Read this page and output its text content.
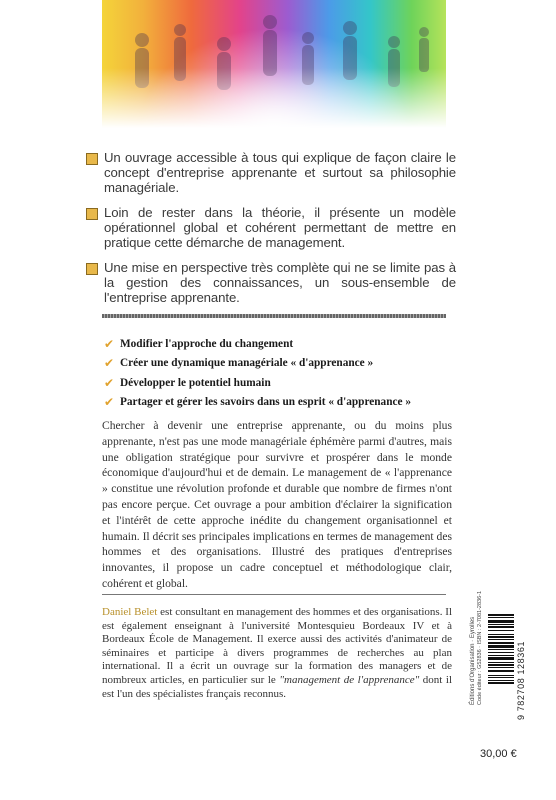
Un ouvrage accessible à tous qui explique de façon claire le concept d'entreprise apprenante et surtout sa philosophie managériale.
Loin de rester dans la théorie, il présente un modèle opérationnel global et cohérent permettant de mettre en pratique cette démarche de management.
Une mise en perspective très complète qui ne se limite pas à la gestion des connaissances, un sous-ensemble de l'entreprise apprenante.
✔ Modifier l'approche du changement
✔ Créer une dynamique managériale « d'apprenance »
✔ Développer le potentiel humain
✔ Partager et gérer les savoirs dans un esprit « d'apprenance »

Chercher à devenir une entreprise apprenante, ou du moins plus apprenante, n'est pas une mode managériale éphémère parmi d'autres, mais une obligation stratégique pour survivre et prospérer dans le monde économique d'aujourd'hui et de demain. Le management de « l'apprenance » constitue une révolution profonde et durable que nombre de firmes n'ont pas encore perçue. Cet ouvrage a pour ambition d'éclairer la signification et l'intérêt de cette approche inédite du changement organisationnel et humain. Il décrit ses principales implications en termes de management des hommes et des organisations. Illustré des pratiques d'entreprises innovantes, il propose un cadre conceptuel et méthodologique clair, cohérent et global.

Daniel Belet est consultant en management des hommes et des organisations. Il est également enseignant à l'université Montesquieu Bordeaux IV et à Bordeaux École de Management. Il exerce aussi des activités d'animateur de séminaires et participe à divers programmes de recherches au plan international. Il a écrit un ouvrage sur la formation des managers et de nombreux articles, en particulier sur le "management de l'apprenance" dont il est l'un des spécialistes français reconnus.	Éditions d'Organisation · Eyrolles Code éditeur : G52836 · ISBN : 2-7081-2836-1	9 782708 128361
30,00 €
